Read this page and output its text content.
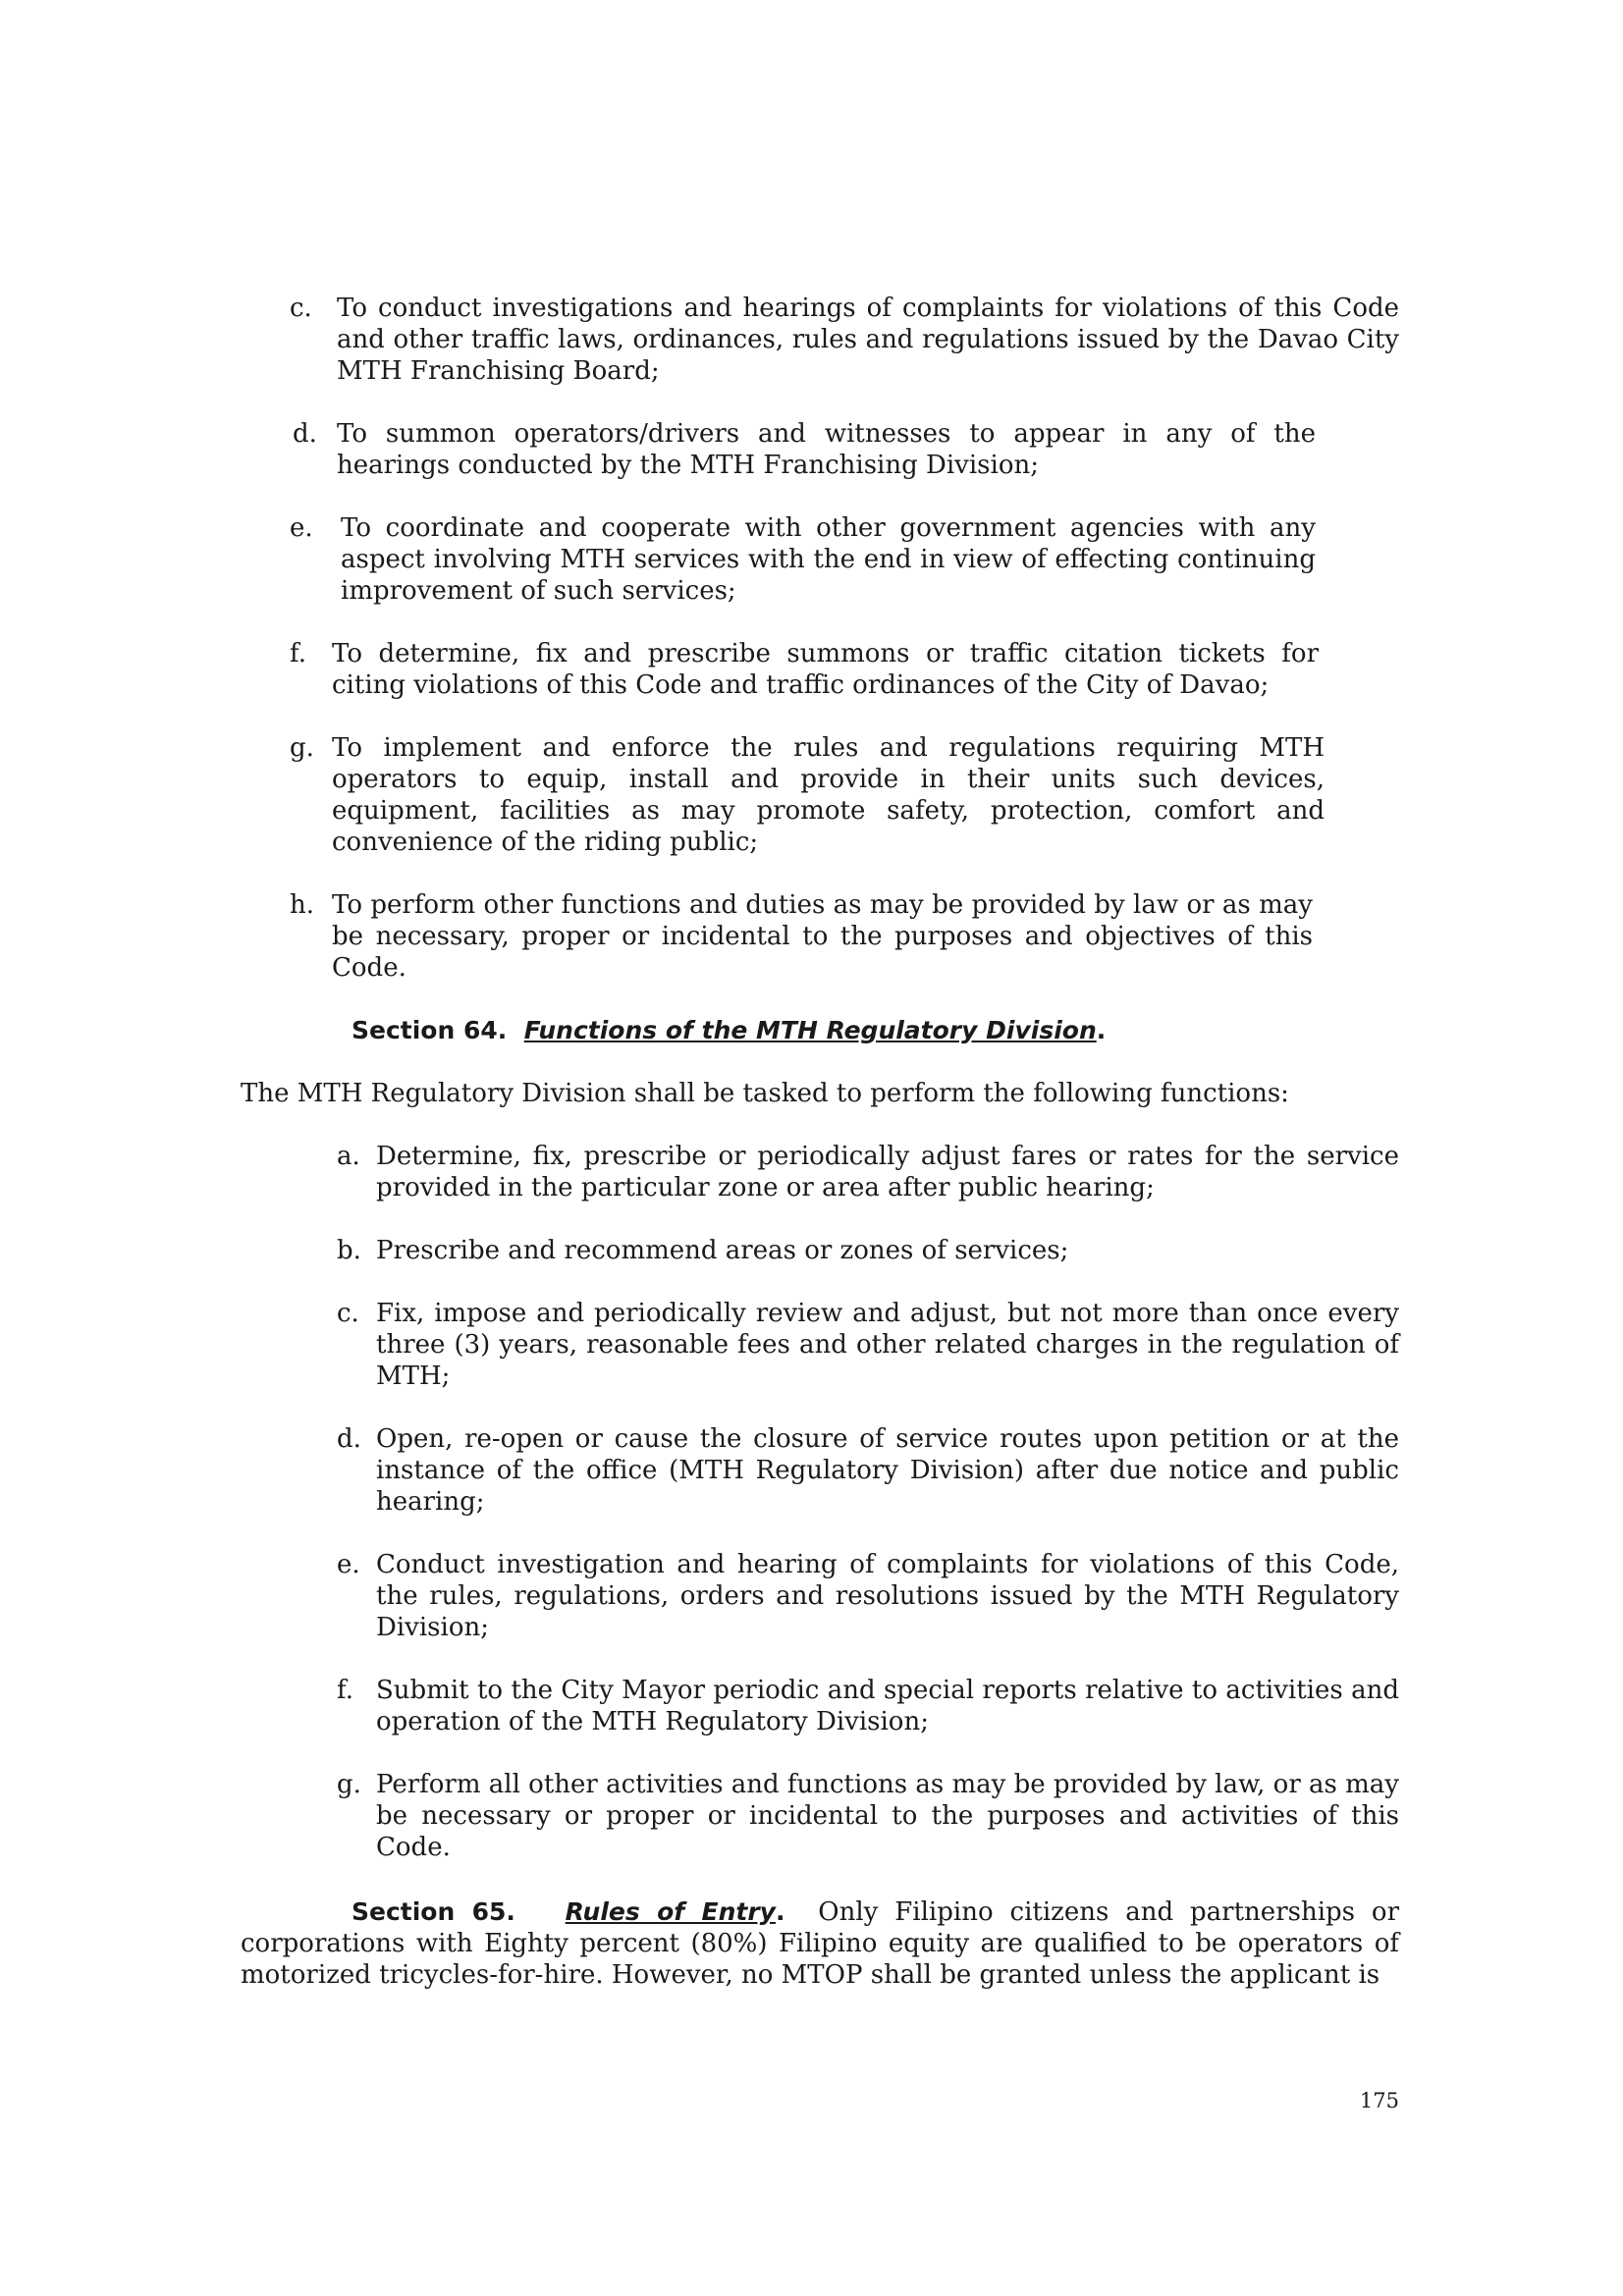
c. To conduct investigations and hearings of complaints for violations of this Code and other traffic laws, ordinances, rules and regulations issued by the Davao City MTH Franchising Board;

d. To summon operators/drivers and witnesses to appear in any of the hearings conducted by the MTH Franchising Division;

e.	To coordinate and cooperate with other government agencies with any aspect involving MTH services with the end in view of effecting continuing improvement of such services;

f.	To determine, fix and prescribe summons or traffic citation tickets for citing violations of this Code and traffic ordinances of the City of Davao;

g. To implement and enforce the rules and regulations requiring MTH operators to equip, install and provide in their units such devices, equipment, facilities as may promote safety, protection, comfort and convenience of the riding public;

h. To perform other functions and duties as may be provided by law or as may be necessary, proper or incidental to the purposes and objectives of this Code.

Section 64. Functions of the MTH Regulatory Division.
The MTH Regulatory Division shall be tasked to perform the following functions:
a. Determine, fix, prescribe or periodically adjust fares or rates for the service provided in the particular zone or area after public hearing;

b. Prescribe and recommend areas or zones of services;

c. Fix, impose and periodically review and adjust, but not more than once every three (3) years, reasonable fees and other related charges in the regulation of MTH;

d. Open, re-open or cause the closure of service routes upon petition or at the instance of the office (MTH Regulatory Division) after due notice and public hearing;

e. Conduct investigation and hearing of complaints for violations of this Code, the rules, regulations, orders and resolutions issued by the MTH Regulatory Division;

f. Submit to the City Mayor periodic and special reports relative to activities and operation of the MTH Regulatory Division;

g. Perform all other activities and functions as may be provided by law, or as may be necessary or proper or incidental to the purposes and activities of this Code.

Section 65. Rules of Entry. Only Filipino citizens and partnerships or corporations with Eighty percent (80%) Filipino equity are qualified to be operators of motorized tricycles-for-hire. However, no MTOP shall be granted unless the applicant is

175
